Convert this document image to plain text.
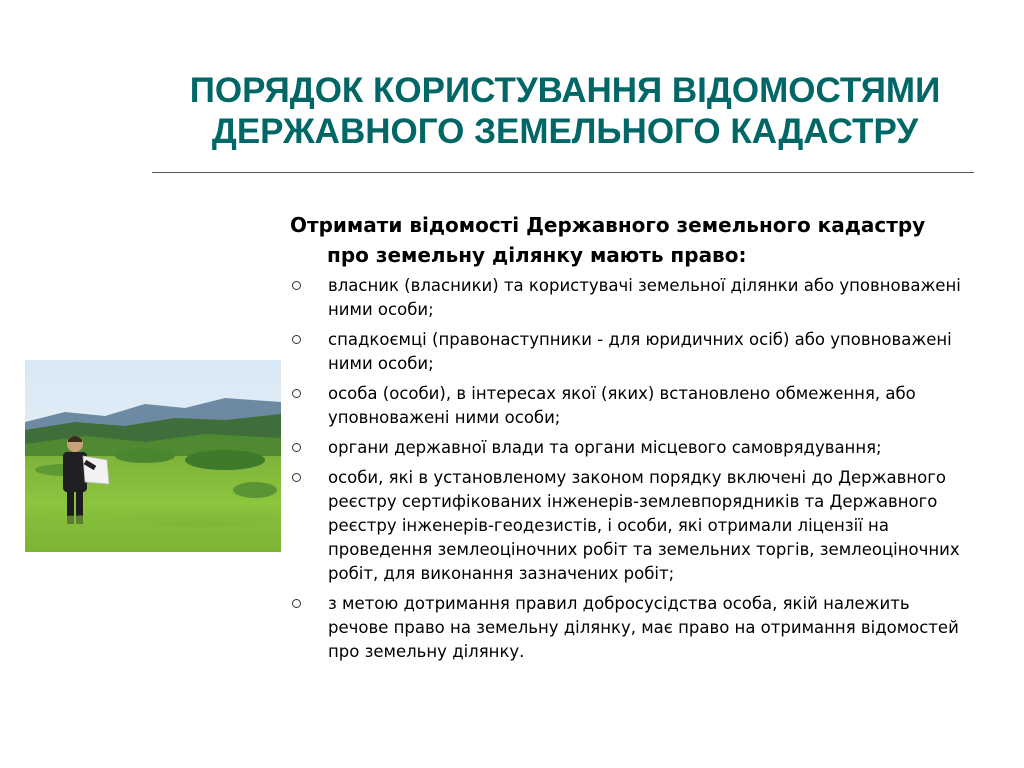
ПОРЯДОК КОРИСТУВАННЯ ВІДОМОСТЯМИ
ДЕРЖАВНОГО ЗЕМЕЛЬНОГО КАДАСТРУ

Отримати відомості Державного земельного кадастру про земельну ділянку мають право:

власник (власники) та користувачі земельної ділянки або уповноважені ними особи;
спадкоємці (правонаступники - для юридичних осіб) або уповноважені ними особи;
особа (особи), в інтересах якої (яких) встановлено обмеження, або уповноважені ними особи;
органи державної влади та органи місцевого самоврядування;
особи, які в установленому законом порядку включені до Державного реєстру сертифікованих інженерів-землевпорядників та Державного реєстру інженерів-геодезистів, і особи, які отримали ліцензії на проведення землеоціночних робіт та земельних торгів, землеоціночних робіт, для виконання зазначених робіт;
з метою дотримання правил добросусідства особа, якій належить речове право на земельну ділянку, має право на отримання відомостей про земельну ділянку.
